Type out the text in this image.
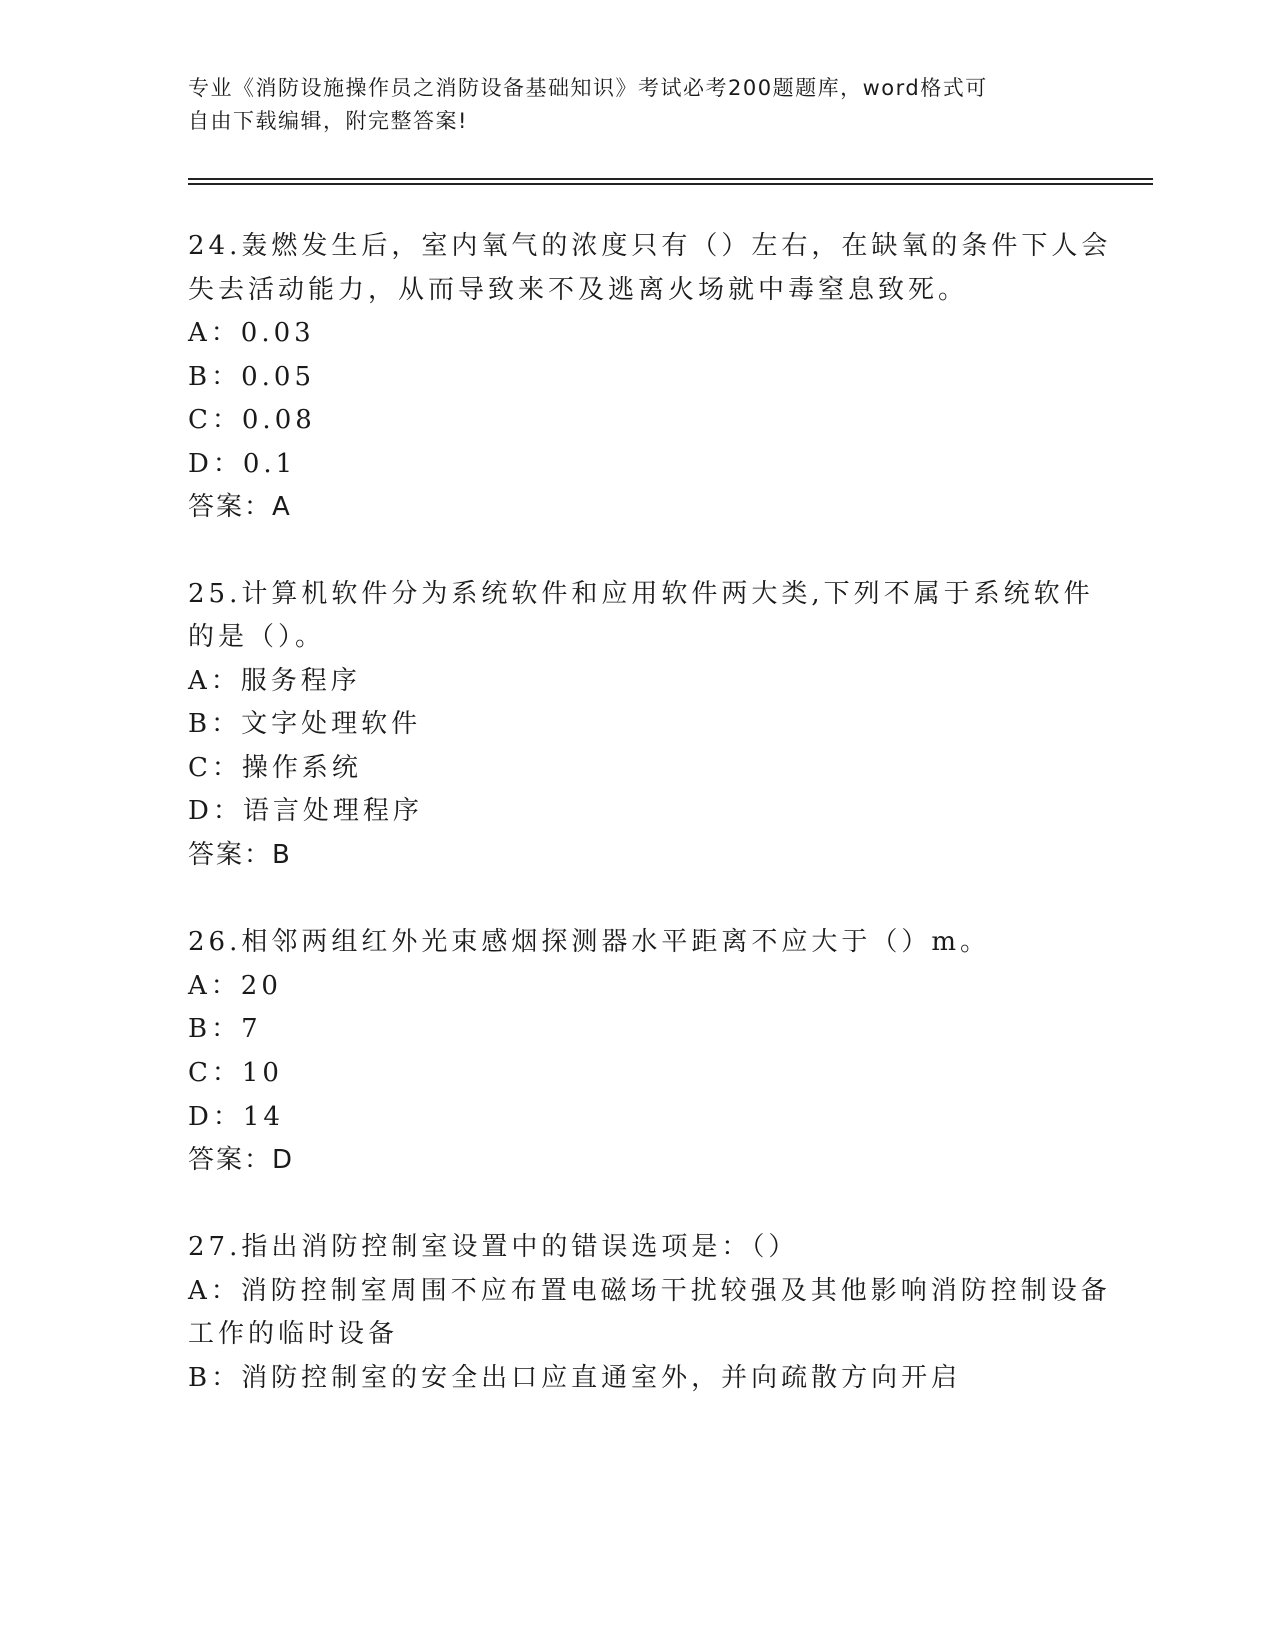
专业《消防设施操作员之消防设备基础知识》考试必考200题题库，word格式可
自由下载编辑，附完整答案!
24.轰燃发生后，室内氧气的浓度只有（）左右，在缺氧的条件下人会
失去活动能力，从而导致来不及逃离火场就中毒窒息致死。
A：0.03
B：0.05
C：0.08
D：0.1
答案：A
25.计算机软件分为系统软件和应用软件两大类,下列不属于系统软件
的是（）。
A：服务程序
B：文字处理软件
C：操作系统
D：语言处理程序
答案：B
26.相邻两组红外光束感烟探测器水平距离不应大于（）m。
A：20
B：7
C：10
D：14
答案：D
27.指出消防控制室设置中的错误选项是：（）
A：消防控制室周围不应布置电磁场干扰较强及其他影响消防控制设备
工作的临时设备
B：消防控制室的安全出口应直通室外，并向疏散方向开启
